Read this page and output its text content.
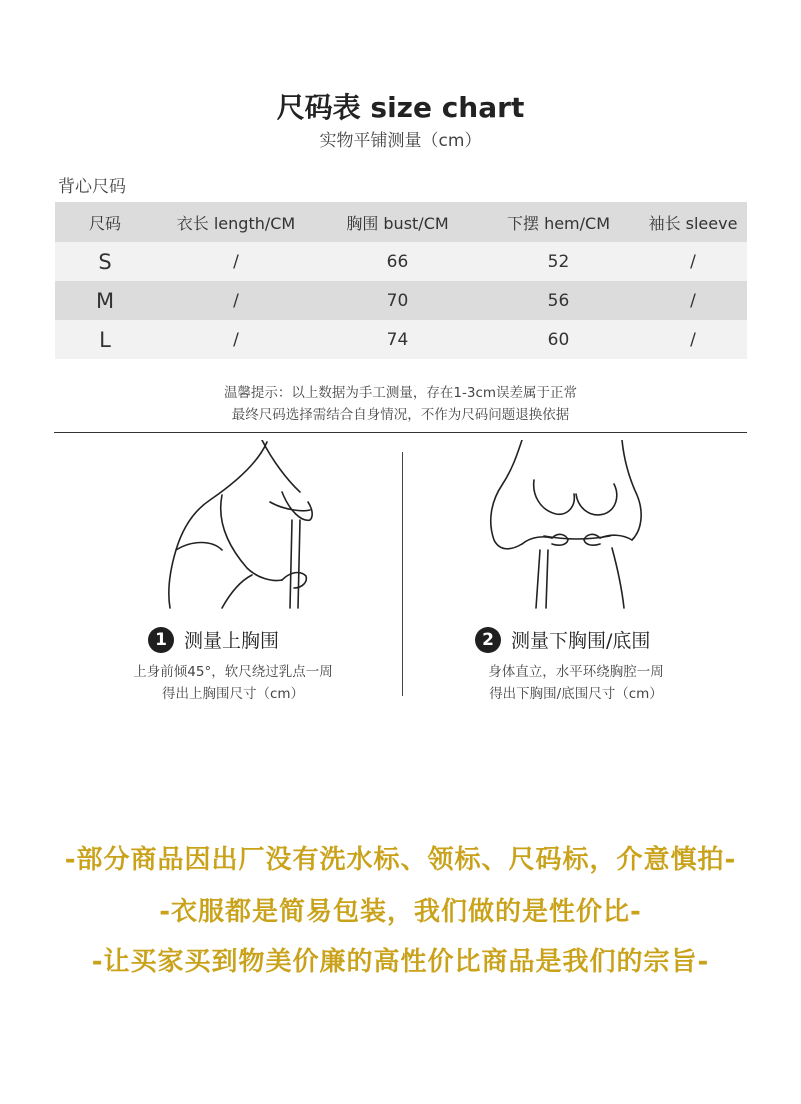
尺码表 size chart
实物平铺测量（cm）
背心尺码
尺码	衣长 length/CM	胸围 bust/CM	下摆 hem/CM	袖长 sleeve
S	/	66	52	/
M	/	70	56	/
L	/	74	60	/
温馨提示：以上数据为手工测量，存在1-3cm误差属于正常
最终尺码选择需结合自身情况，不作为尺码问题退换依据
1 测量上胸围
上身前倾45°，软尺绕过乳点一周
得出上胸围尺寸（cm）
2 测量下胸围/底围
身体直立，水平环绕胸腔一周
得出下胸围/底围尺寸（cm）
-部分商品因出厂没有洗水标、领标、尺码标，介意慎拍-
-衣服都是简易包装，我们做的是性价比-
-让买家买到物美价廉的高性价比商品是我们的宗旨-
